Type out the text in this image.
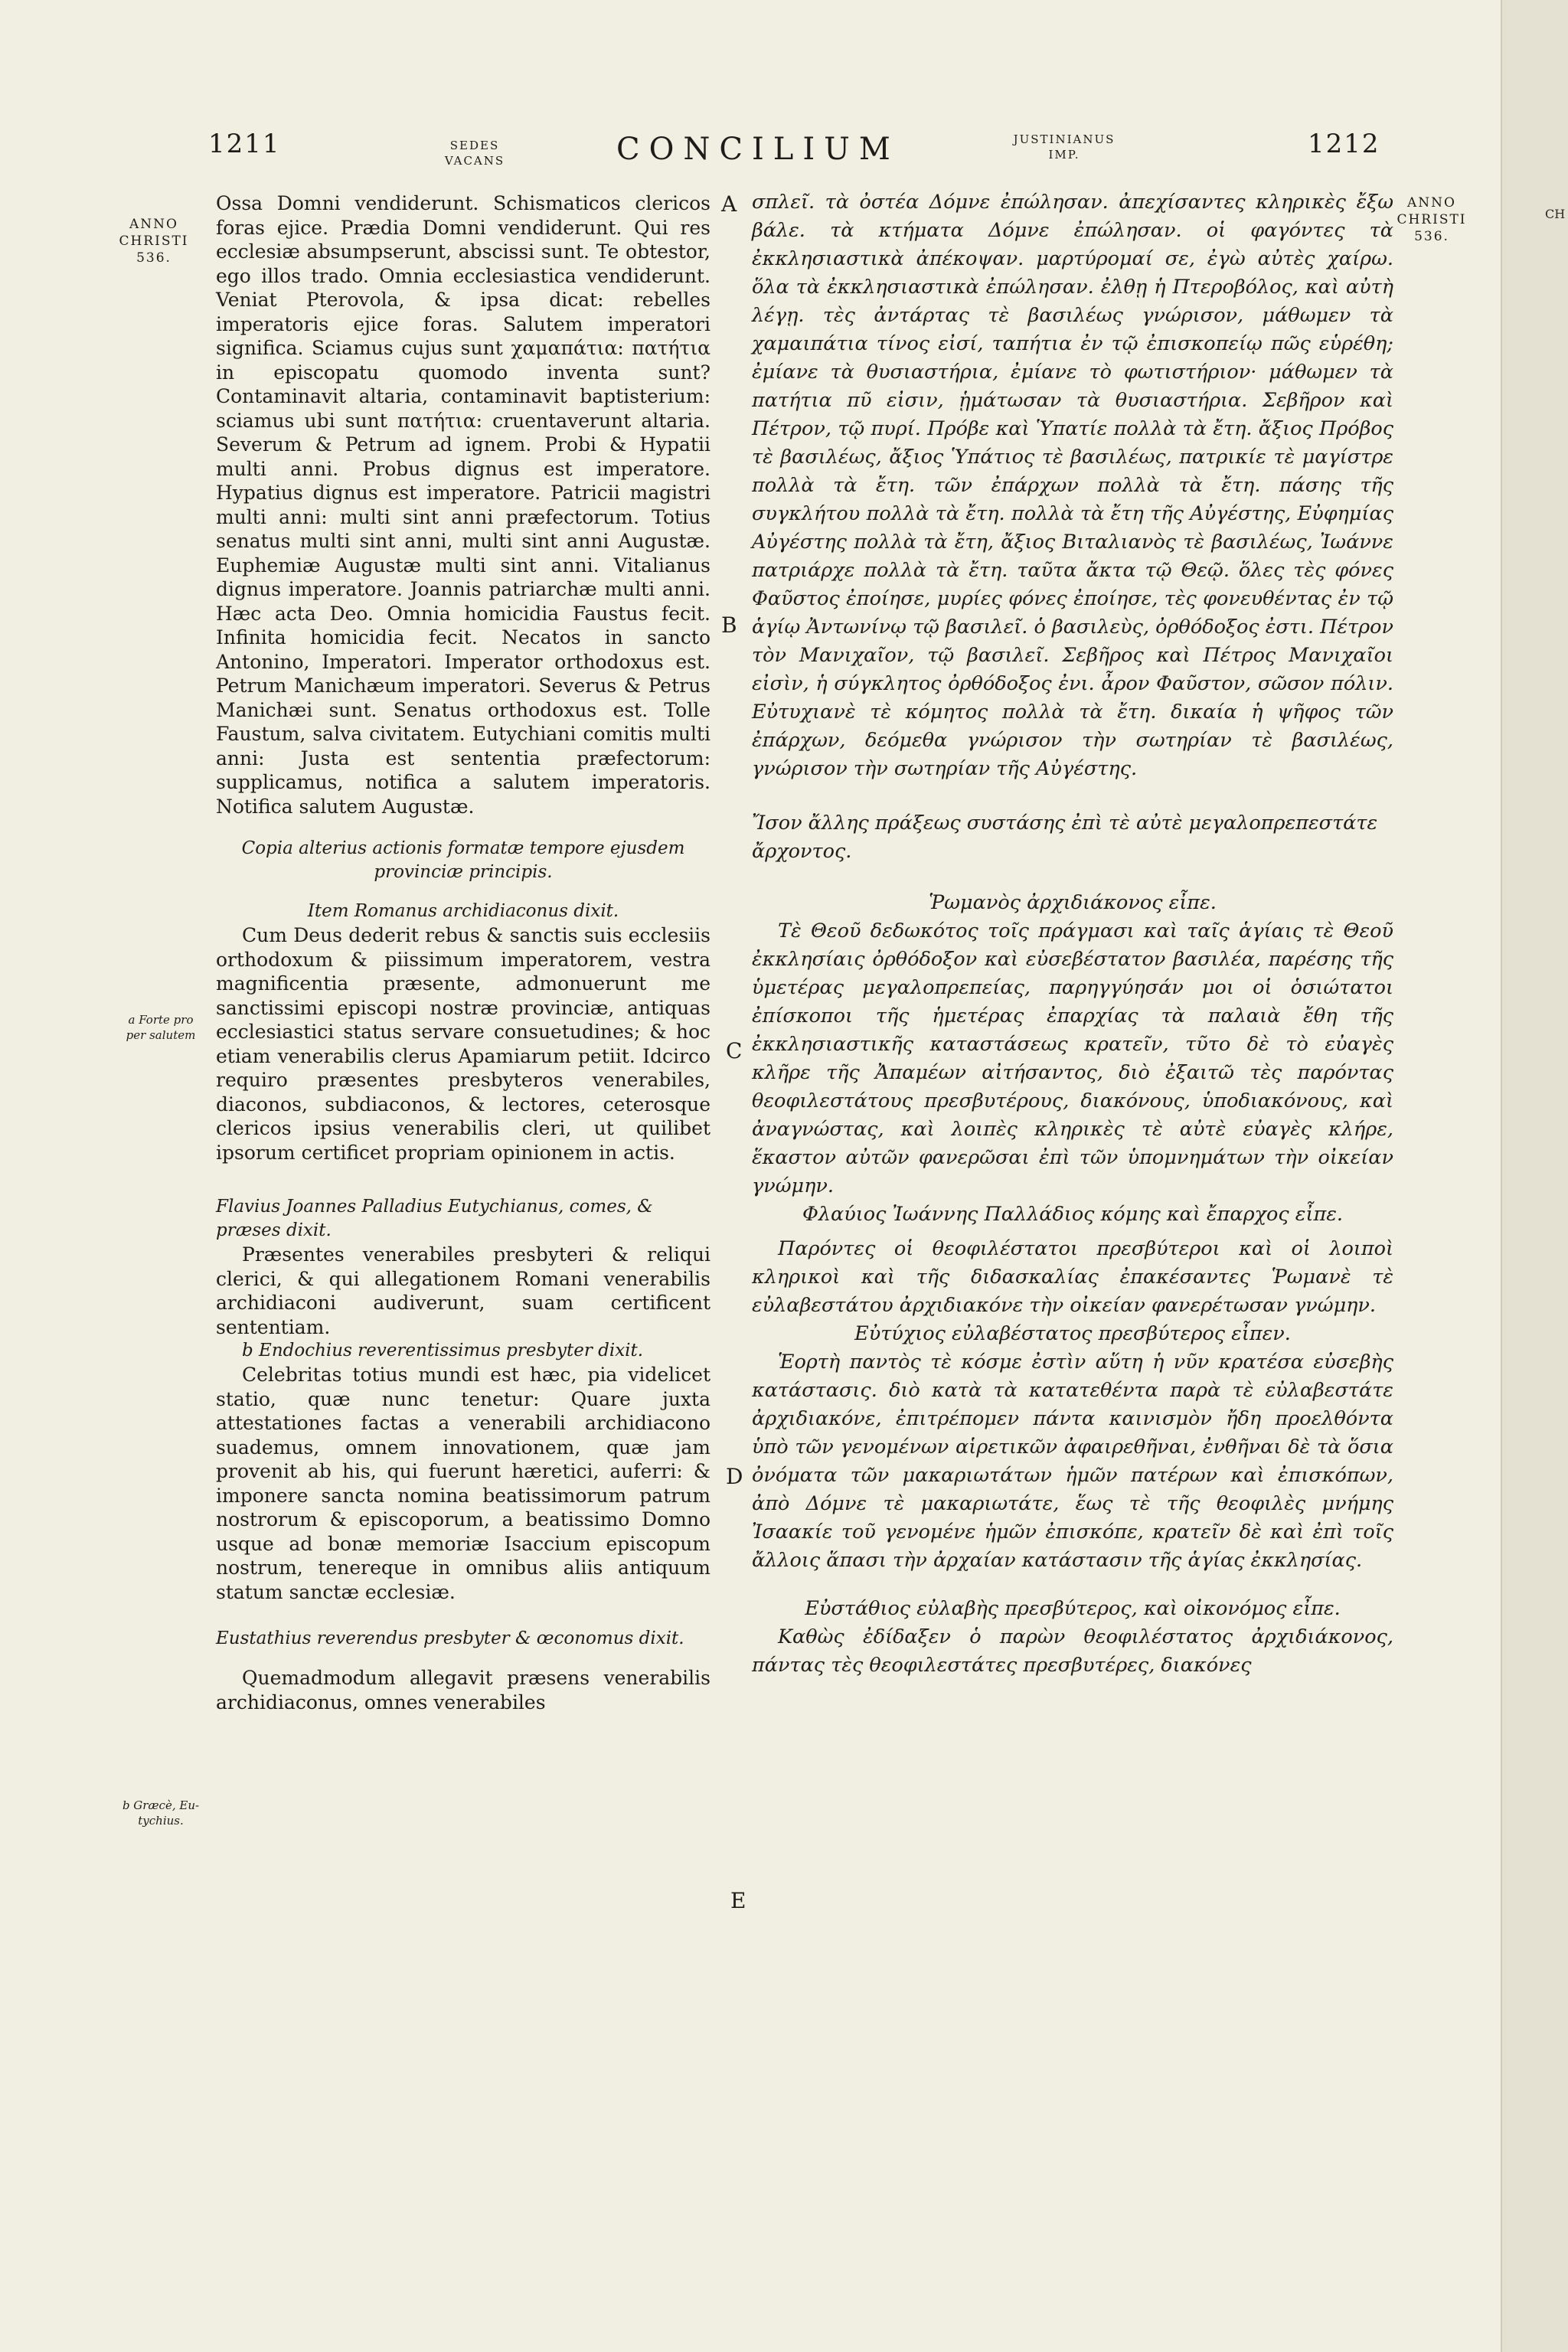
CH
1211	SEDES
VACANS	CONCILIUM	JUSTINIANUS
IMP.	1212
ANNO
CHRISTI
536.
ANNO
CHRISTI
536.
a Forte pro
per salutem
b Græcè, Eu-
tychius.
A
B
C
D
E

Ossa Domni vendiderunt. Schismaticos clericos foras ejice. Prædia Domni vendiderunt. Qui res ecclesiæ absumpserunt, abscissi sunt. Te obtestor, ego illos trado. Omnia ecclesiastica vendiderunt. Veniat Pterovola, & ipsa dicat: rebelles imperatoris ejice foras. Salutem imperatori significa. Sciamus cujus sunt χαμαπάτια: πατήτια in episcopatu quomodo inventa sunt? Contaminavit altaria, contaminavit baptisterium: sciamus ubi sunt πατήτια: cruentaverunt altaria. Severum & Petrum ad ignem. Probi & Hypatii multi anni. Probus dignus est imperatore. Hypatius dignus est imperatore. Patricii magistri multi anni: multi sint anni præfectorum. Totius senatus multi sint anni, multi sint anni Augustæ. Euphemiæ Augustæ multi sint anni. Vitalianus dignus imperatore. Joannis patriarchæ multi anni. Hæc acta Deo. Omnia homicidia Faustus fecit. Infinita homicidia fecit. Necatos in sancto Antonino, Imperatori. Imperator orthodoxus est. Petrum Manichæum imperatori. Severus & Petrus Manichæi sunt. Senatus orthodoxus est. Tolle Faustum, salva civitatem. Eutychiani comitis multi anni: Justa est sententia præfectorum: supplicamus, notifica a salutem imperatoris. Notifica salutem Augustæ.

Copia alterius actionis formatæ tempore ejusdem provinciæ principis.

Item Romanus archidiaconus dixit.

Cum Deus dederit rebus & sanctis suis ecclesiis orthodoxum & piissimum imperatorem, vestra magnificentia præsente, admonuerunt me sanctissimi episcopi nostræ provinciæ, antiquas ecclesiastici status servare consuetudines; & hoc etiam venerabilis clerus Apamiarum petiit. Idcirco requiro præsentes presbyteros venerabiles, diaconos, subdiaconos, & lectores, ceterosque clericos ipsius venerabilis cleri, ut quilibet ipsorum certificet propriam opinionem in actis.

Flavius Joannes Palladius Eutychianus, comes, & præses dixit.

Præsentes venerabiles presbyteri & reliqui clerici, & qui allegationem Romani venerabilis archidiaconi audiverunt, suam certificent sententiam.

b Endochius reverentissimus presbyter dixit.

Celebritas totius mundi est hæc, pia videlicet statio, quæ nunc tenetur: Quare juxta attestationes factas a venerabili archidiacono suademus, omnem innovationem, quæ jam provenit ab his, qui fuerunt hæretici, auferri: & imponere sancta nomina beatissimorum patrum nostrorum & episcoporum, a beatissimo Domno usque ad bonæ memoriæ Isaccium episcopum nostrum, tenereque in omnibus aliis antiquum statum sanctæ ecclesiæ.

Eustathius reverendus presbyter & œconomus dixit.

Quemadmodum allegavit præsens venerabilis archidiaconus, omnes venerabiles

σπλεῖ. τὰ ὀστέα Δόμνε ἐπώλησαν. ἀπεχίσαντες κληρικὲς ἔξω βάλε. τὰ κτήματα Δόμνε ἐπώλησαν. οἱ φαγόντες τὰ ἐκκλησιαστικὰ ἀπέκοψαν. μαρτύρομαί σε, ἐγὼ αὐτὲς χαίρω. ὅλα τὰ ἐκκλησιαστικὰ ἐπώλησαν. ἐλθῃ ἡ Πτεροβόλος, καὶ αὐτὴ λέγῃ. τὲς ἀντάρτας τὲ βασιλέως γνώρισον, μάθωμεν τὰ χαμαιπάτια τίνος εἰσί, ταπήτια ἐν τῷ ἐπισκοπείῳ πῶς εὑρέθη; ἐμίανε τὰ θυσιαστήρια, ἐμίανε τὸ φωτιστήριον· μάθωμεν τὰ πατήτια πῦ εἰσιν, ᾑμάτωσαν τὰ θυσιαστήρια. Σεβῆρον καὶ Πέτρον, τῷ πυρί. Πρόβε καὶ Ὑπατίε πολλὰ τὰ ἔτη. ἄξιος Πρόβος τὲ βασιλέως, ἄξιος Ὑπάτιος τὲ βασιλέως, πατρικίε τὲ μαγίστρε πολλὰ τὰ ἔτη. τῶν ἐπάρχων πολλὰ τὰ ἔτη. πάσης τῆς συγκλήτου πολλὰ τὰ ἔτη. πολλὰ τὰ ἔτη τῆς Αὐγέστης, Εὐφημίας Αὐγέστης πολλὰ τὰ ἔτη, ἄξιος Βιταλιανὸς τὲ βασιλέως, Ἰωάννε πατριάρχε πολλὰ τὰ ἔτη. ταῦτα ἄκτα τῷ Θεῷ. ὅλες τὲς φόνες Φαῦστος ἐποίησε, μυρίες φόνες ἐποίησε, τὲς φονευθέντας ἐν τῷ ἁγίῳ Ἀντωνίνῳ τῷ βασιλεῖ. ὁ βασιλεὺς, ὀρθόδοξος ἐστι. Πέτρον τὸν Μανιχαῖον, τῷ βασιλεῖ. Σεβῆρος καὶ Πέτρος Μανιχαῖοι εἰσὶν, ἡ σύγκλητος ὀρθόδοξος ἐνι. ἆρον Φαῦστον, σῶσον πόλιν. Εὐτυχιανὲ τὲ κόμητος πολλὰ τὰ ἔτη. δικαία ἡ ψῆφος τῶν ἐπάρχων, δεόμεθα γνώρισον τὴν σωτηρίαν τὲ βασιλέως, γνώρισον τὴν σωτηρίαν τῆς Αὐγέστης.

Ἴσον ἄλλης πράξεως συστάσης ἐπὶ τὲ αὐτὲ μεγαλοπρεπεστάτε ἄρχοντος.

Ῥωμανὸς ἀρχιδιάκονος εἶπε.

Τὲ Θεοῦ δεδωκότος τοῖς πράγμασι καὶ ταῖς ἁγίαις τὲ Θεοῦ ἐκκλησίαις ὀρθόδοξον καὶ εὐσεβέστατον βασιλέα, παρέσης τῆς ὑμετέρας μεγαλοπρεπείας, παρηγγύησάν μοι οἱ ὁσιώτατοι ἐπίσκοποι τῆς ἡμετέρας ἐπαρχίας τὰ παλαιὰ ἔθη τῆς ἐκκλησιαστικῆς καταστάσεως κρατεῖν, τῦτο δὲ τὸ εὐαγὲς κλῆρε τῆς Ἀπαμέων αἰτήσαντος, διὸ ἐξαιτῶ τὲς παρόντας θεοφιλεστάτους πρεσβυτέρους, διακόνους, ὑποδιακόνους, καὶ ἀναγνώστας, καὶ λοιπὲς κληρικὲς τὲ αὐτὲ εὐαγὲς κλήρε, ἕκαστον αὐτῶν φανερῶσαι ἐπὶ τῶν ὑπομνημάτων τὴν οἰκείαν γνώμην.

Φλαύιος Ἰωάννης Παλλάδιος κόμης καὶ ἔπαρχος εἶπε.

Παρόντες οἱ θεοφιλέστατοι πρεσβύτεροι καὶ οἱ λοιποὶ κληρικοὶ καὶ τῆς διδασκαλίας ἐπακέσαντες Ῥωμανὲ τὲ εὐλαβεστάτου ἀρχιδιακόνε τὴν οἰκείαν φανερέτωσαν γνώμην.

Εὐτύχιος εὐλαβέστατος πρεσβύτερος εἶπεν.

Ἑορτὴ παντὸς τὲ κόσμε ἐστὶν αὕτη ἡ νῦν κρατέσα εὐσεβὴς κατάστασις. διὸ κατὰ τὰ κατατεθέντα παρὰ τὲ εὐλαβεστάτε ἀρχιδιακόνε, ἐπιτρέπομεν πάντα καινισμὸν ἤδη προελθόντα ὑπὸ τῶν γενομένων αἱρετικῶν ἀφαιρεθῆναι, ἐνθῆναι δὲ τὰ ὅσια ὀνόματα τῶν μακαριωτάτων ἡμῶν πατέρων καὶ ἐπισκόπων, ἀπὸ Δόμνε τὲ μακαριωτάτε, ἕως τὲ τῆς θεοφιλὲς μνήμης Ἰσαακίε τοῦ γενομένε ἡμῶν ἐπισκόπε, κρατεῖν δὲ καὶ ἐπὶ τοῖς ἄλλοις ἅπασι τὴν ἀρχαίαν κατάστασιν τῆς ἁγίας ἐκκλησίας.

Εὐστάθιος εὐλαβὴς πρεσβύτερος, καὶ οἰκονόμος εἶπε.

Καθὼς ἐδίδαξεν ὁ παρὼν θεοφιλέστατος ἀρχιδιάκονος, πάντας τὲς θεοφιλεστάτες πρεσβυτέρες, διακόνες
